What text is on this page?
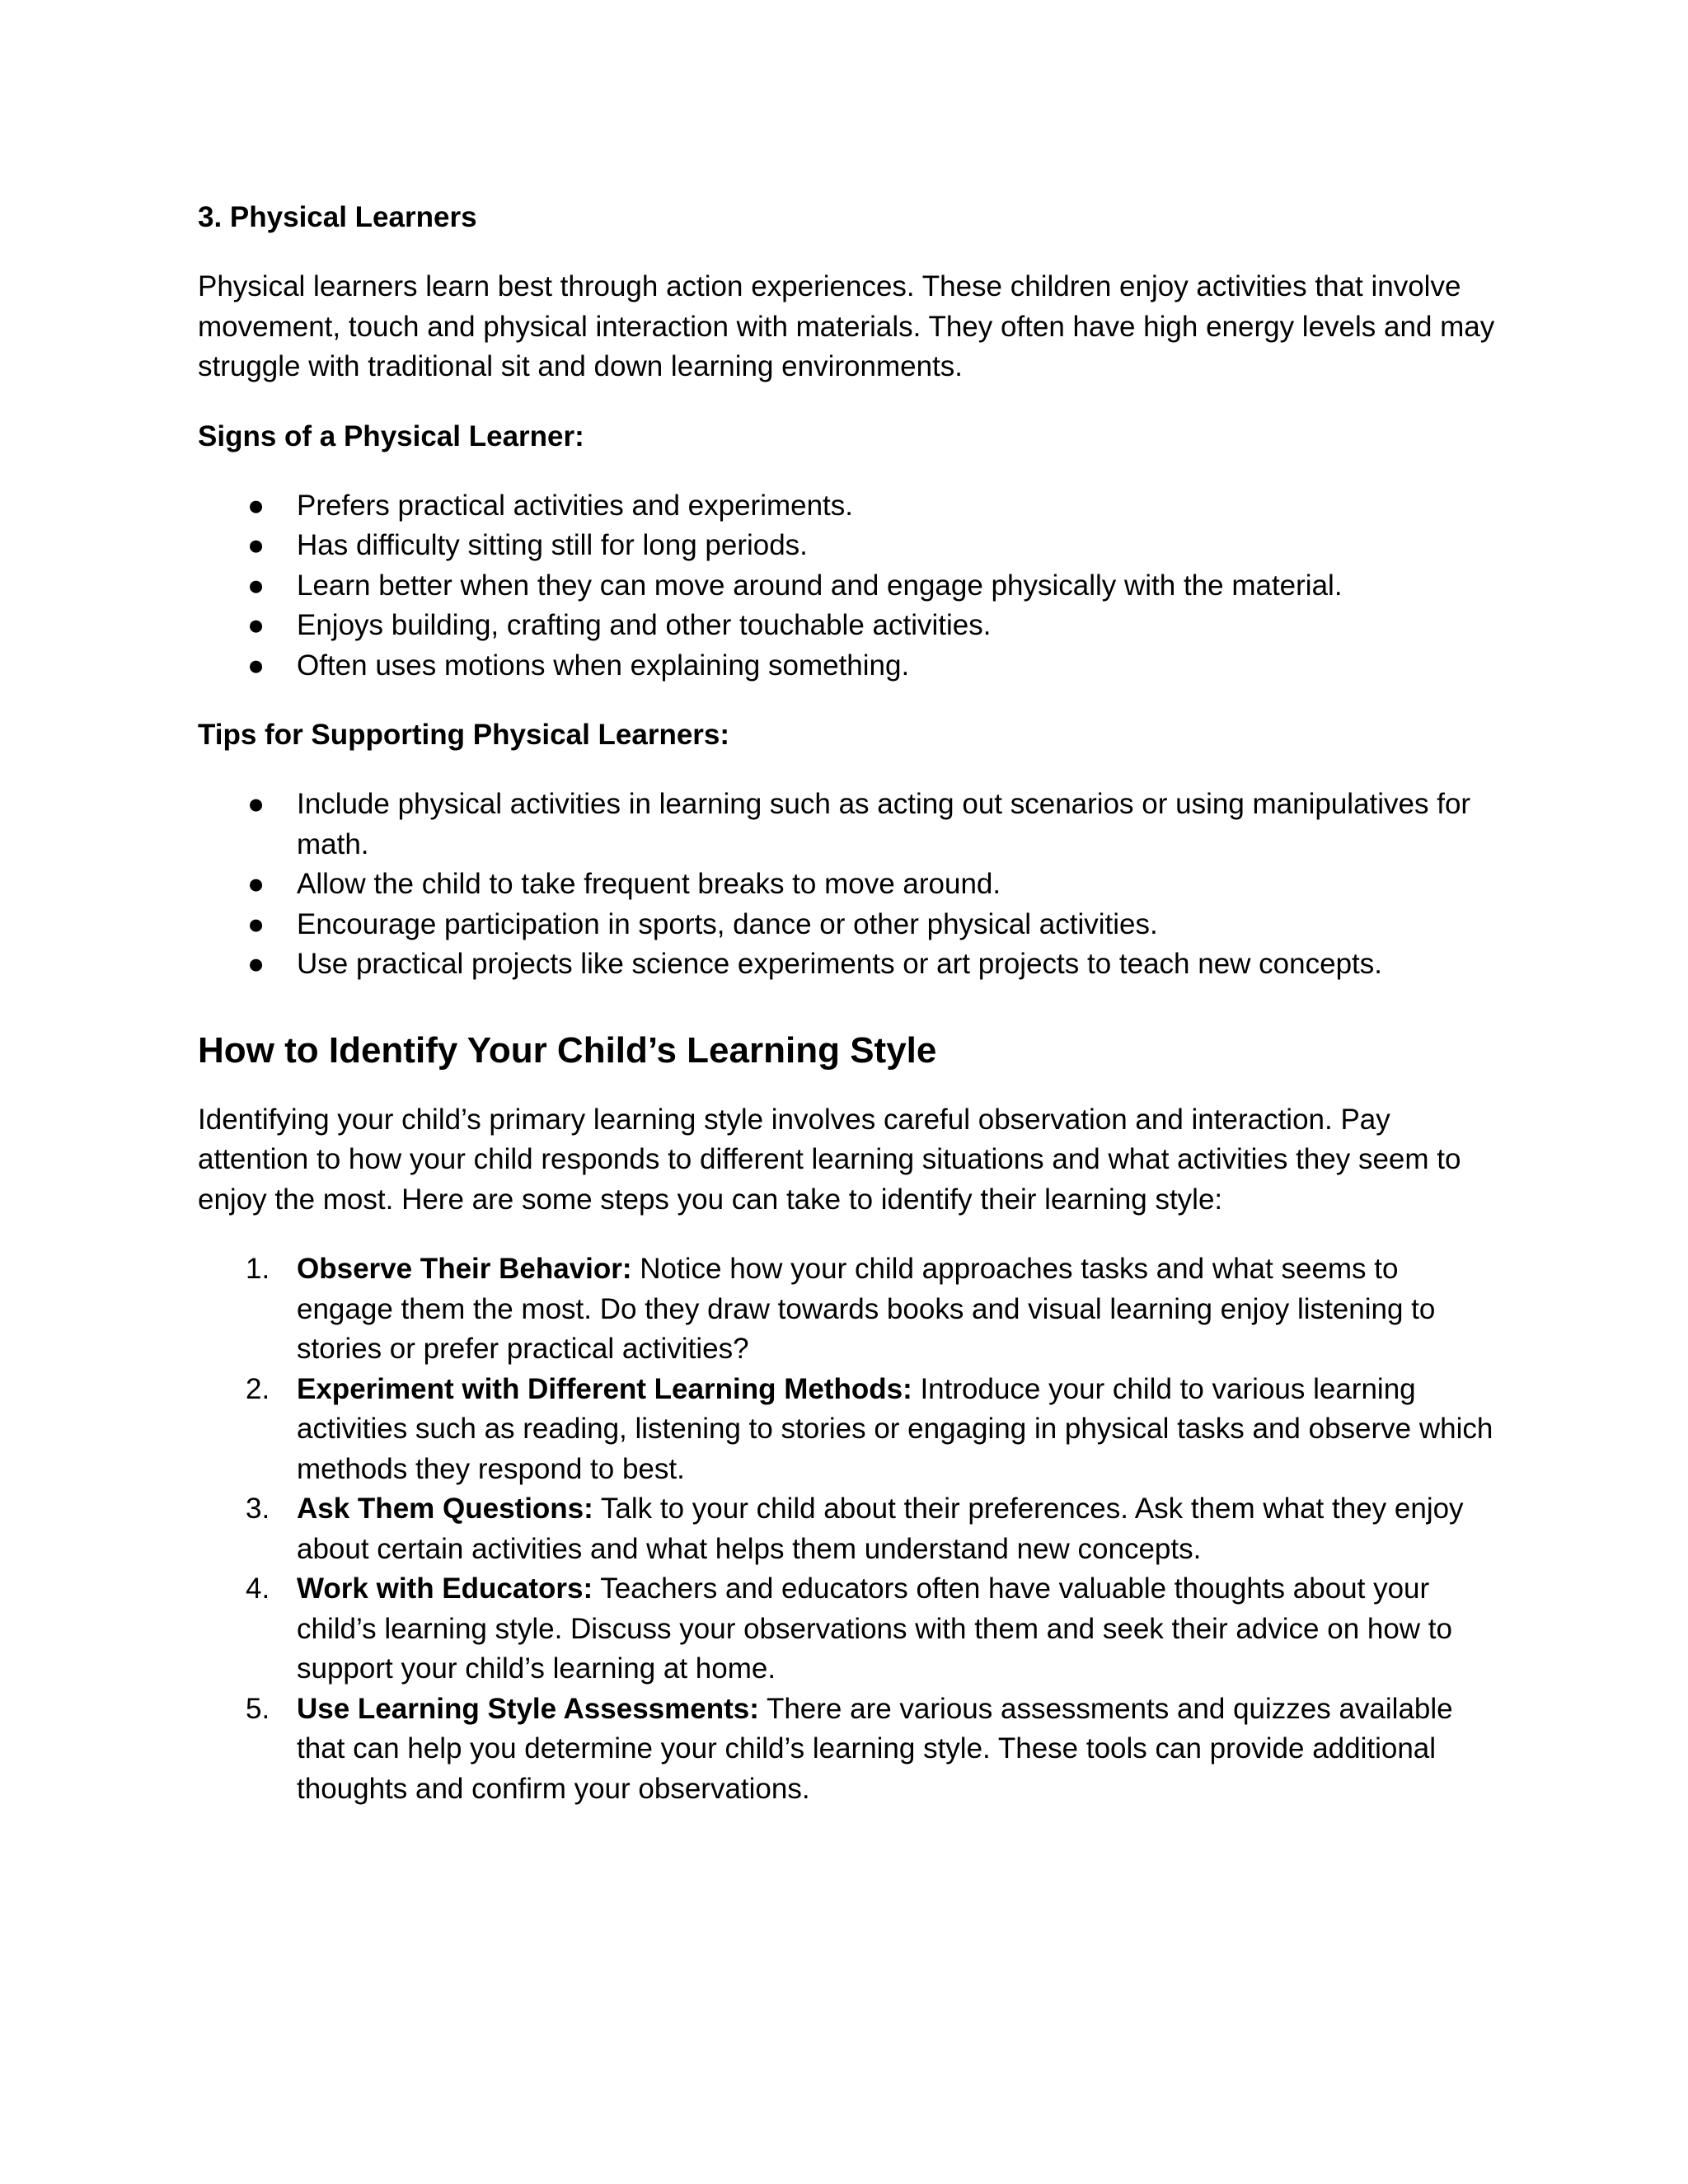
3. Physical Learners

Physical learners learn best through action experiences. These children enjoy activities that involve movement, touch and physical interaction with materials. They often have high energy levels and may struggle with traditional sit and down learning environments.

Signs of a Physical Learner:
●	Prefers practical activities and experiments.
●	Has difficulty sitting still for long periods.
●	Learn better when they can move around and engage physically with the material.
●	Enjoys building, crafting and other touchable activities.
●	Often uses motions when explaining something.
Tips for Supporting Physical Learners:
●	Include physical activities in learning such as acting out scenarios or using manipulatives for math.
●	Allow the child to take frequent breaks to move around.
●	Encourage participation in sports, dance or other physical activities.
●	Use practical projects like science experiments or art projects to teach new concepts.
How to Identify Your Child’s Learning Style

Identifying your child’s primary learning style involves careful observation and interaction. Pay attention to how your child responds to different learning situations and what activities they seem to enjoy the most. Here are some steps you can take to identify their learning style:

1. Observe Their Behavior: Notice how your child approaches tasks and what seems to engage them the most. Do they draw towards books and visual learning enjoy listening to stories or prefer practical activities?
2. Experiment with Different Learning Methods: Introduce your child to various learning activities such as reading, listening to stories or engaging in physical tasks and observe which methods they respond to best.
3. Ask Them Questions: Talk to your child about their preferences. Ask them what they enjoy about certain activities and what helps them understand new concepts.
4. Work with Educators: Teachers and educators often have valuable thoughts about your child’s learning style. Discuss your observations with them and seek their advice on how to support your child’s learning at home.
5. Use Learning Style Assessments: There are various assessments and quizzes available that can help you determine your child’s learning style. These tools can provide additional thoughts and confirm your observations.
